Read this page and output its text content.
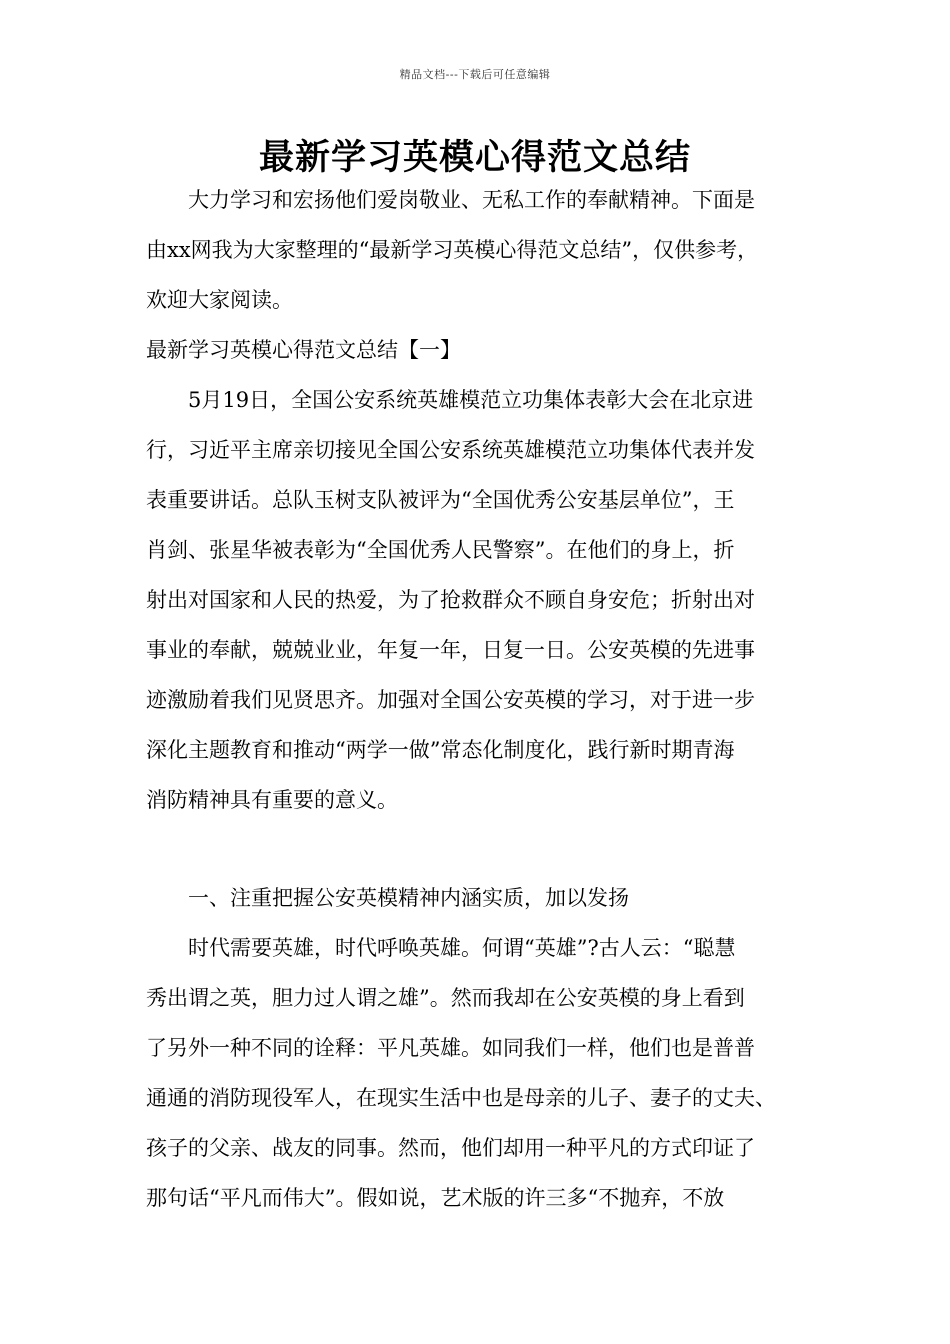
精品文档---下载后可任意编辑
最新学习英模心得范文总结
大力学习和宏扬他们爱岗敬业、无私工作的奉献精神。下面是
由xx网我为大家整理的“最新学习英模心得范文总结”，仅供参考，
欢迎大家阅读。
最新学习英模心得范文总结【一】
5月19日，全国公安系统英雄模范立功集体表彰大会在北京进
行，习近平主席亲切接见全国公安系统英雄模范立功集体代表并发
表重要讲话。总队玉树支队被评为“全国优秀公安基层单位”，王
肖剑、张星华被表彰为“全国优秀人民警察”。在他们的身上，折
射出对国家和人民的热爱，为了抢救群众不顾自身安危；折射出对
事业的奉献，兢兢业业，年复一年，日复一日。公安英模的先进事
迹激励着我们见贤思齐。加强对全国公安英模的学习，对于进一步
深化主题教育和推动“两学一做”常态化制度化，践行新时期青海
消防精神具有重要的意义。
一、注重把握公安英模精神内涵实质，加以发扬
时代需要英雄，时代呼唤英雄。何谓“英雄”?古人云：“聪慧
秀出谓之英，胆力过人谓之雄”。然而我却在公安英模的身上看到
了另外一种不同的诠释：平凡英雄。如同我们一样，他们也是普普
通通的消防现役军人，在现实生活中也是母亲的儿子、妻子的丈夫、
孩子的父亲、战友的同事。然而，他们却用一种平凡的方式印证了
那句话“平凡而伟大”。假如说，艺术版的许三多“不抛弃，不放
